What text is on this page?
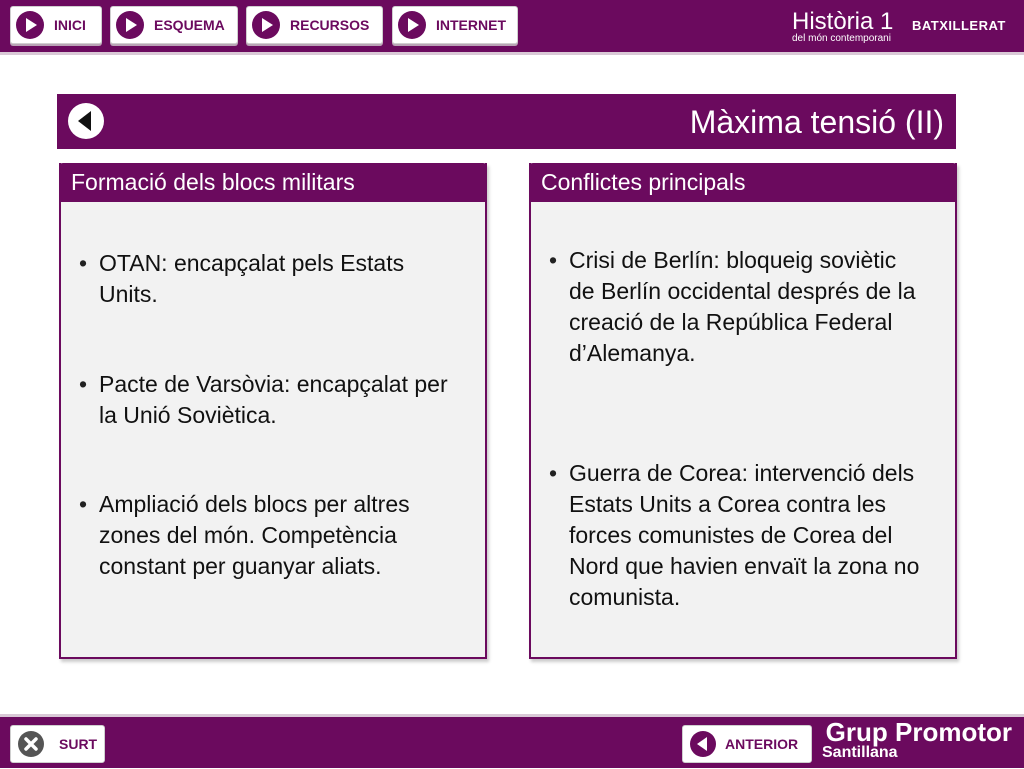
INICI	ESQUEMA	RECURSOS	INTERNET	Història 1 BATXILLERAT
del món contemporani
Màxima tensió (II)
Formació dels blocs militars
• OTAN: encapçalat pels Estats Units.
• Pacte de Varsòvia: encapçalat per la Unió Soviètica.
• Ampliació dels blocs per altres zones del món. Competència constant per guanyar aliats.
Conflictes principals
• Crisi de Berlín: bloqueig soviètic de Berlín occidental després de la creació de la República Federal d’Alemanya.
• Guerra de Corea: intervenció dels Estats Units a Corea contra les forces comunistes de Corea del Nord que havien envaït la zona no comunista.
SURT	ANTERIOR Grup Promotor
Santillana
